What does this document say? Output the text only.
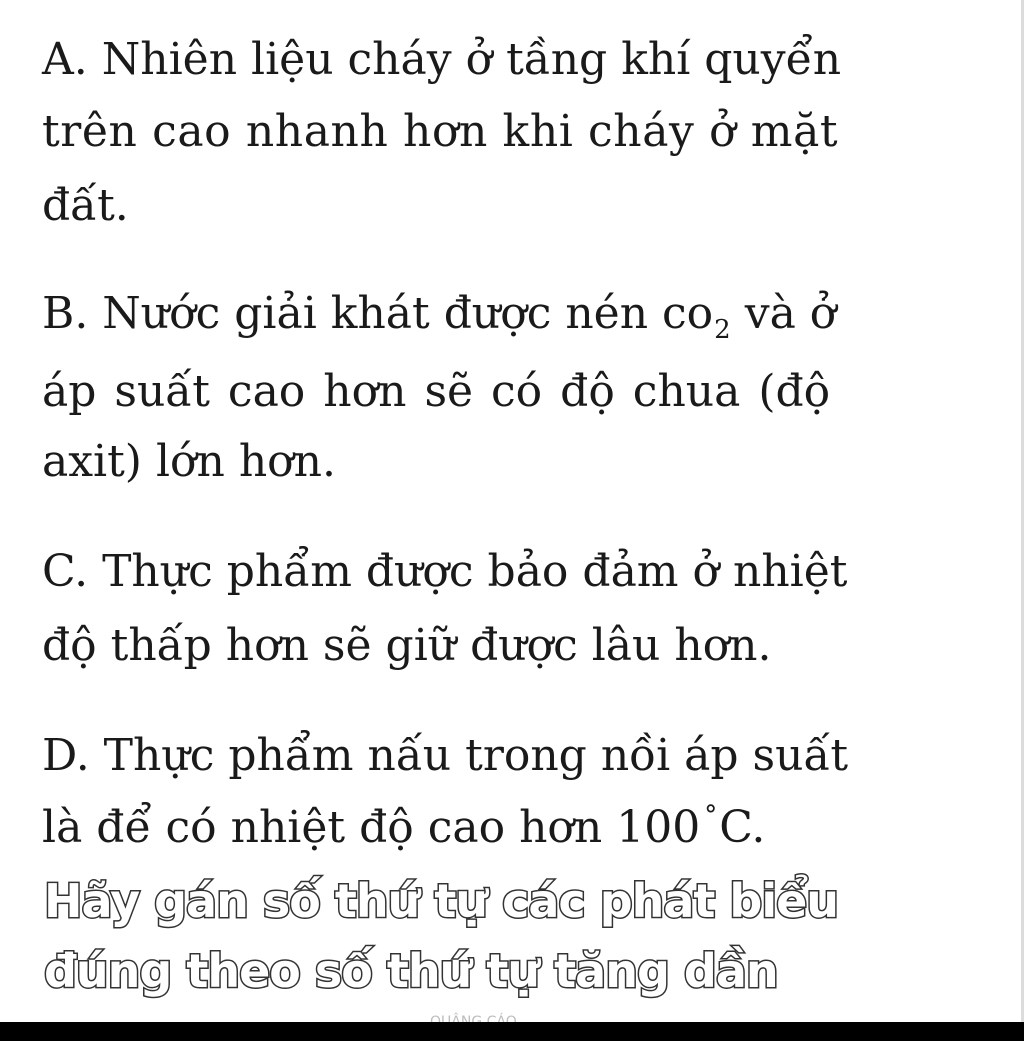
A. Nhiên liệu cháy ở tầng khí quyển
trên cao nhanh hơn khi cháy ở mặt
đất.
B. Nước giải khát được nén $co_2$ và ở
áp suất cao hơn sẽ có độ chua (độ
axit) lớn hơn.
C. Thực phẩm được bảo đảm ở nhiệt
độ thấp hơn sẽ giữ được lâu hơn.
D. Thực phẩm nấu trong nồi áp suất
là để có nhiệt độ cao hơn 100 °C.
Hãy gán số thứ tự các phát biểu
đúng theo số thứ tự tăng dần
